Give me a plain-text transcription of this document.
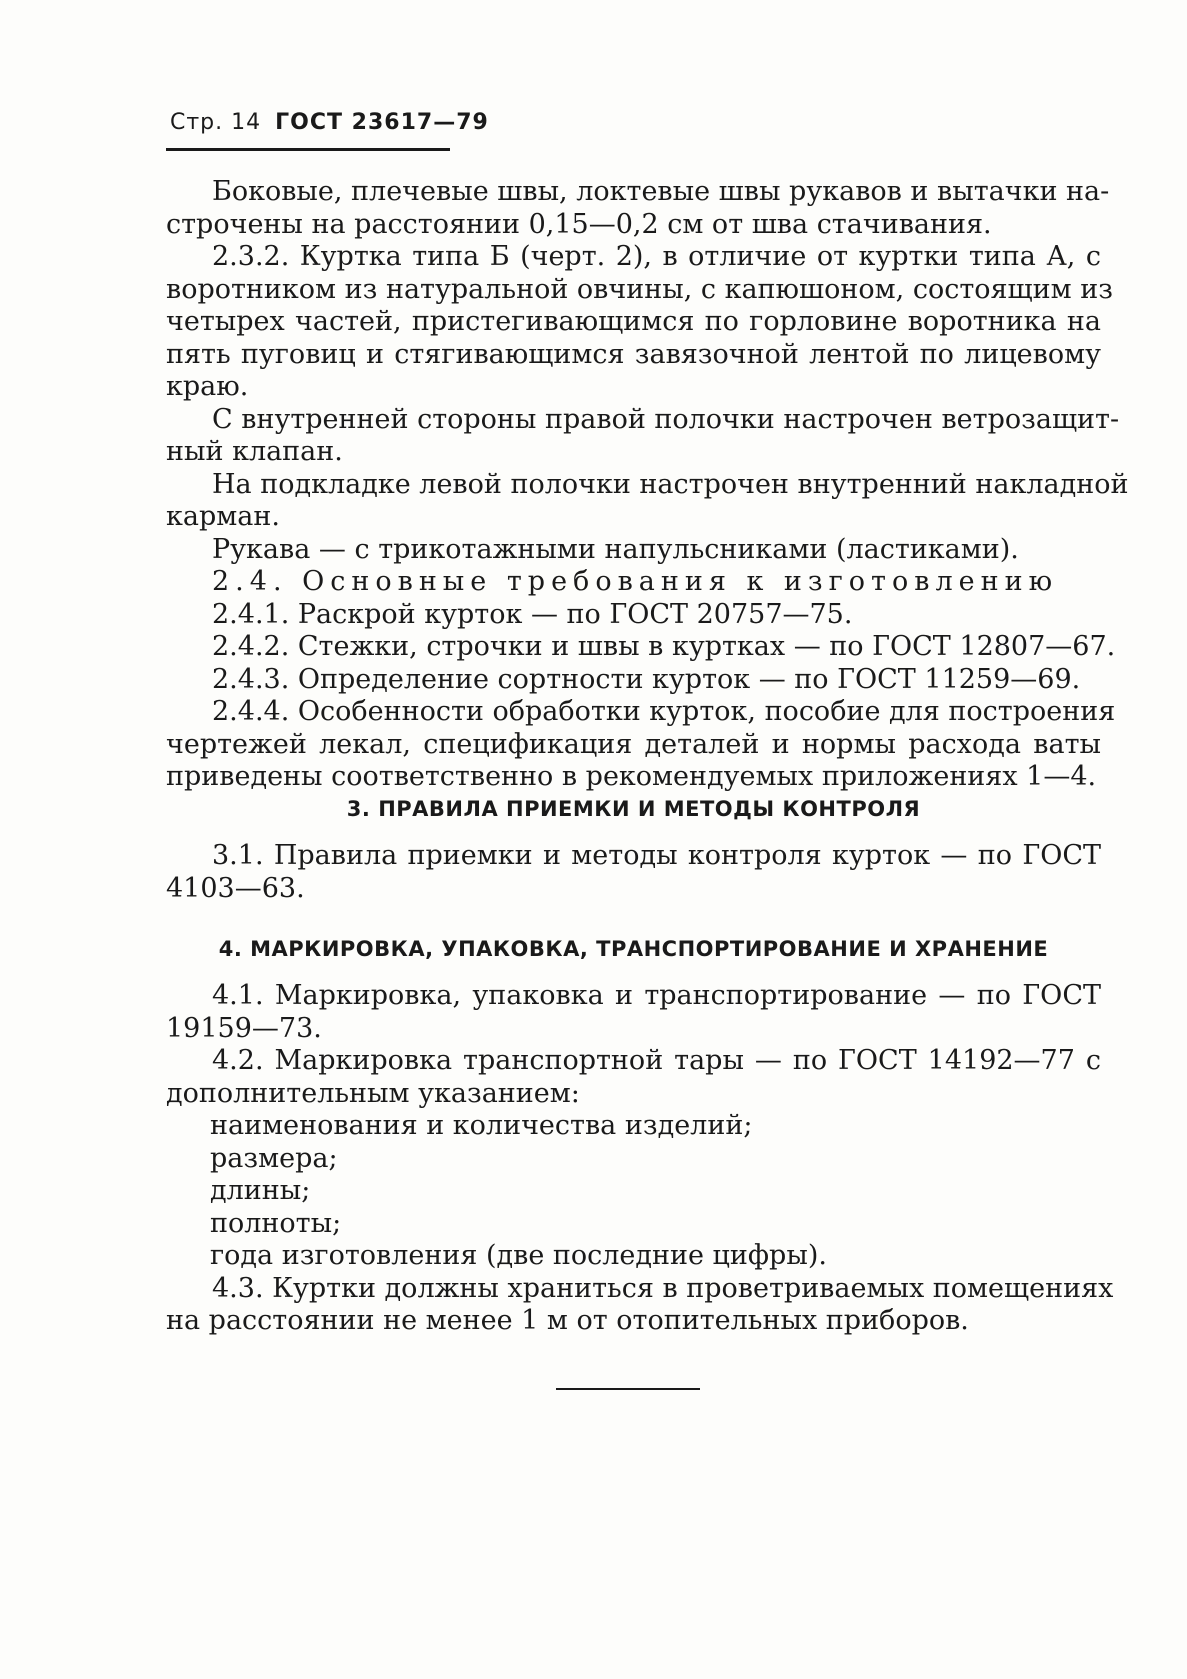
Стр. 14 ГОСТ 23617—79
Боковые, плечевые швы, локтевые швы рукавов и вытачки на-
строчены на расстоянии 0,15—0,2 см от шва стачивания.
2.3.2. Куртка типа Б (черт. 2), в отличие от куртки типа А, с
воротником из натуральной овчины, с капюшоном, состоящим из
четырех частей, пристегивающимся по горловине воротника на
пять пуговиц и стягивающимся завязочной лентой по лицевому
краю.
С внутренней стороны правой полочки настрочен ветрозащит-
ный клапан.
На подкладке левой полочки настрочен внутренний накладной
карман.
Рукава — с трикотажными напульсниками (ластиками).
2.4. Основные требования к изготовлению
2.4.1. Раскрой курток — по ГОСТ 20757—75.
2.4.2. Стежки, строчки и швы в куртках — по ГОСТ 12807—67.
2.4.3. Определение сортности курток — по ГОСТ 11259—69.
2.4.4. Особенности обработки курток, пособие для построения
чертежей лекал, спецификация деталей и нормы расхода ваты
приведены соответственно в рекомендуемых приложениях 1—4.
3. ПРАВИЛА ПРИЕМКИ И МЕТОДЫ КОНТРОЛЯ
3.1. Правила приемки и методы контроля курток — по ГОСТ
4103—63.
4. МАРКИРОВКА, УПАКОВКА, ТРАНСПОРТИРОВАНИЕ И ХРАНЕНИЕ
4.1. Маркировка, упаковка и транспортирование — по ГОСТ
19159—73.
4.2. Маркировка транспортной тары — по ГОСТ 14192—77 с
дополнительным указанием:
наименования и количества изделий;
размера;
длины;
полноты;
года изготовления (две последние цифры).
4.3. Куртки должны храниться в проветриваемых помещениях
на расстоянии не менее 1 м от отопительных приборов.
